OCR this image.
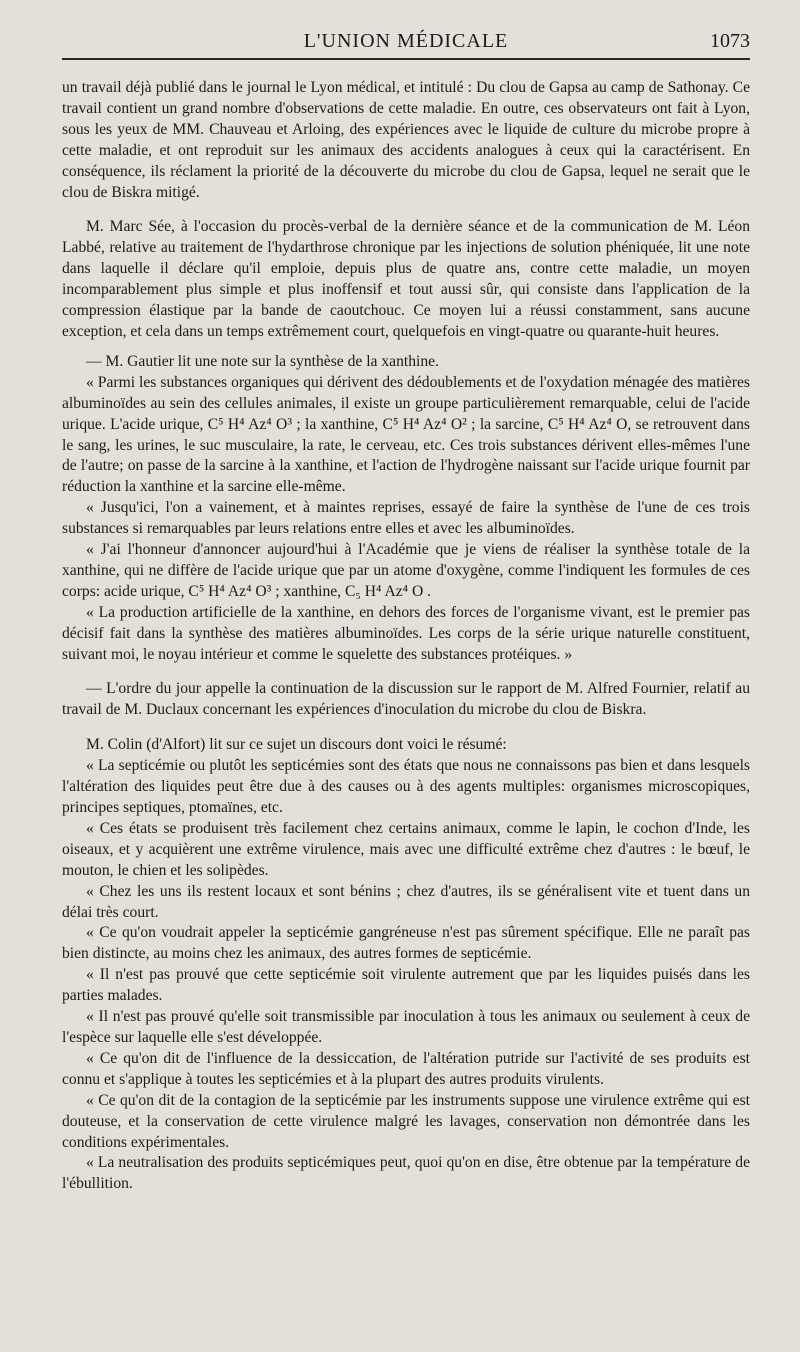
L'UNION MÉDICALE	1073

un travail déjà publié dans le journal le Lyon médical, et intitulé : Du clou de Gapsa au camp de Sathonay. Ce travail contient un grand nombre d'observations de cette maladie. En outre, ces observateurs ont fait à Lyon, sous les yeux de MM. Chauveau et Arloing, des expériences avec le liquide de culture du microbe propre à cette maladie, et ont reproduit sur les animaux des accidents analogues à ceux qui la caractérisent. En conséquence, ils réclament la priorité de la découverte du microbe du clou de Gapsa, lequel ne serait que le clou de Biskra mitigé.

M. Marc Sée, à l'occasion du procès-verbal de la dernière séance et de la communication de M. Léon Labbé, relative au traitement de l'hydarthrose chronique par les injections de solution phéniquée, lit une note dans laquelle il déclare qu'il emploie, depuis plus de quatre ans, contre cette maladie, un moyen incomparablement plus simple et plus inoffensif et tout aussi sûr, qui consiste dans l'application de la compression élastique par la bande de caoutchouc. Ce moyen lui a réussi constamment, sans aucune exception, et cela dans un temps extrêmement court, quelquefois en vingt-quatre ou quarante-huit heures.

— M. Gautier lit une note sur la synthèse de la xanthine.

« Parmi les substances organiques qui dérivent des dédoublements et de l'oxydation ménagée des matières albuminoïdes au sein des cellules animales, il existe un groupe particulièrement remarquable, celui de l'acide urique. L'acide urique, C⁵ H⁴ Az⁴ O³ ; la xanthine, C⁵ H⁴ Az⁴ O² ; la sarcine, C⁵ H⁴ Az⁴ O, se retrouvent dans le sang, les urines, le suc musculaire, la rate, le cerveau, etc. Ces trois substances dérivent elles-mêmes l'une de l'autre; on passe de la sarcine à la xanthine, et l'action de l'hydrogène naissant sur l'acide urique fournit par réduction la xanthine et la sarcine elle-même.

« Jusqu'ici, l'on a vainement, et à maintes reprises, essayé de faire la synthèse de l'une de ces trois substances si remarquables par leurs relations entre elles et avec les albuminoïdes.

« J'ai l'honneur d'annoncer aujourd'hui à l'Académie que je viens de réaliser la synthèse totale de la xanthine, qui ne diffère de l'acide urique que par un atome d'oxygène, comme l'indiquent les formules de ces corps: acide urique, C⁵ H⁴ Az⁴ O³ ; xanthine, C₅ H⁴ Az⁴ O .

« La production artificielle de la xanthine, en dehors des forces de l'organisme vivant, est le premier pas décisif fait dans la synthèse des matières albuminoïdes. Les corps de la série urique naturelle constituent, suivant moi, le noyau intérieur et comme le squelette des substances protéiques. »

— L'ordre du jour appelle la continuation de la discussion sur le rapport de M. Alfred Fournier, relatif au travail de M. Duclaux concernant les expériences d'inoculation du microbe du clou de Biskra.

M. Colin (d'Alfort) lit sur ce sujet un discours dont voici le résumé:

« La septicémie ou plutôt les septicémies sont des états que nous ne connaissons pas bien et dans lesquels l'altération des liquides peut être due à des causes ou à des agents multiples: organismes microscopiques, principes septiques, ptomaïnes, etc.

« Ces états se produisent très facilement chez certains animaux, comme le lapin, le cochon d'Inde, les oiseaux, et y acquièrent une extrême virulence, mais avec une difficulté extrême chez d'autres : le bœuf, le mouton, le chien et les solipèdes.

« Chez les uns ils restent locaux et sont bénins ; chez d'autres, ils se généralisent vite et tuent dans un délai très court.

« Ce qu'on voudrait appeler la septicémie gangréneuse n'est pas sûrement spécifique. Elle ne paraît pas bien distincte, au moins chez les animaux, des autres formes de septicémie.

« Il n'est pas prouvé que cette septicémie soit virulente autrement que par les liquides puisés dans les parties malades.

« Il n'est pas prouvé qu'elle soit transmissible par inoculation à tous les animaux ou seulement à ceux de l'espèce sur laquelle elle s'est développée.

« Ce qu'on dit de l'influence de la dessiccation, de l'altération putride sur l'activité de ses produits est connu et s'applique à toutes les septicémies et à la plupart des autres produits virulents.

« Ce qu'on dit de la contagion de la septicémie par les instruments suppose une virulence extrême qui est douteuse, et la conservation de cette virulence malgré les lavages, conservation non démontrée dans les conditions expérimentales.

« La neutralisation des produits septicémiques peut, quoi qu'on en dise, être obtenue par la température de l'ébullition.
